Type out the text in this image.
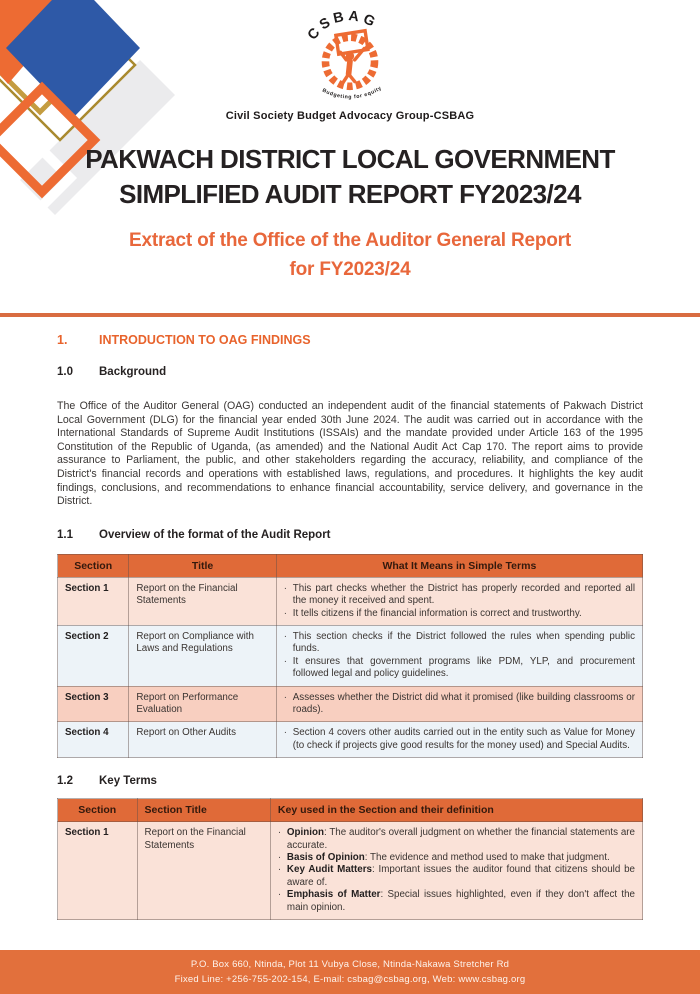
CSBAG
Budgeting for equity
Civil Society Budget Advocacy Group-CSBAG
PAKWACH DISTRICT LOCAL GOVERNMENT
SIMPLIFIED AUDIT REPORT FY2023/24
Extract of the Office of the Auditor General Report
for FY2023/24
1.	INTRODUCTION TO OAG FINDINGS
1.0	Background

The Office of the Auditor General (OAG) conducted an independent audit of the financial statements of Pakwach District Local Government (DLG) for the financial year ended 30th June 2024. The audit was carried out in accordance with the International Standards of Supreme Audit Institutions (ISSAIs) and the mandate provided under Article 163 of the 1995 Constitution of the Republic of Uganda, (as amended) and the National Audit Act Cap 170. The report aims to provide assurance to Parliament, the public, and other stakeholders regarding the accuracy, reliability, and compliance of the District's financial records and operations with established laws, regulations, and procedures. It highlights the key audit findings, conclusions, and recommendations to enhance financial accountability, service delivery, and governance in the District.

1.1	Overview of the format of the Audit Report
Section	Title	What It Means in Simple Terms
Section 1	Report on the Financial Statements	· This part checks whether the District has properly recorded and reported all the money it received and spent.
· It tells citizens if the financial information is correct and trustworthy.

Section 2	Report on Compliance with Laws and Regulations	· This section checks if the District followed the rules when spending public funds.
· It ensures that government programs like PDM, YLP, and procurement followed legal and policy guidelines.

Section 3	Report on Performance Evaluation	· Assesses whether the District did what it promised (like building classrooms or roads).

Section 4	Report on Other Audits	· Section 4 covers other audits carried out in the entity such as Value for Money (to check if projects give good results for the money used) and Special Audits.
1.2	Key Terms
Section	Section Title	Key used in the Section and their definition
Section 1	Report on the Financial Statements	
· Opinion: The auditor's overall judgment on whether the financial statements are accurate.
· Basis of Opinion: The evidence and method used to make that judgment.
· Key Audit Matters: Important issues the auditor found that citizens should be aware of.
· Emphasis of Matter: Special issues highlighted, even if they don't affect the main opinion.
P.O. Box 660, Ntinda, Plot 11 Vubya Close, Ntinda-Nakawa Stretcher Rd
Fixed Line: +256-755-202-154, E-mail: csbag@csbag.org, Web: www.csbag.org
